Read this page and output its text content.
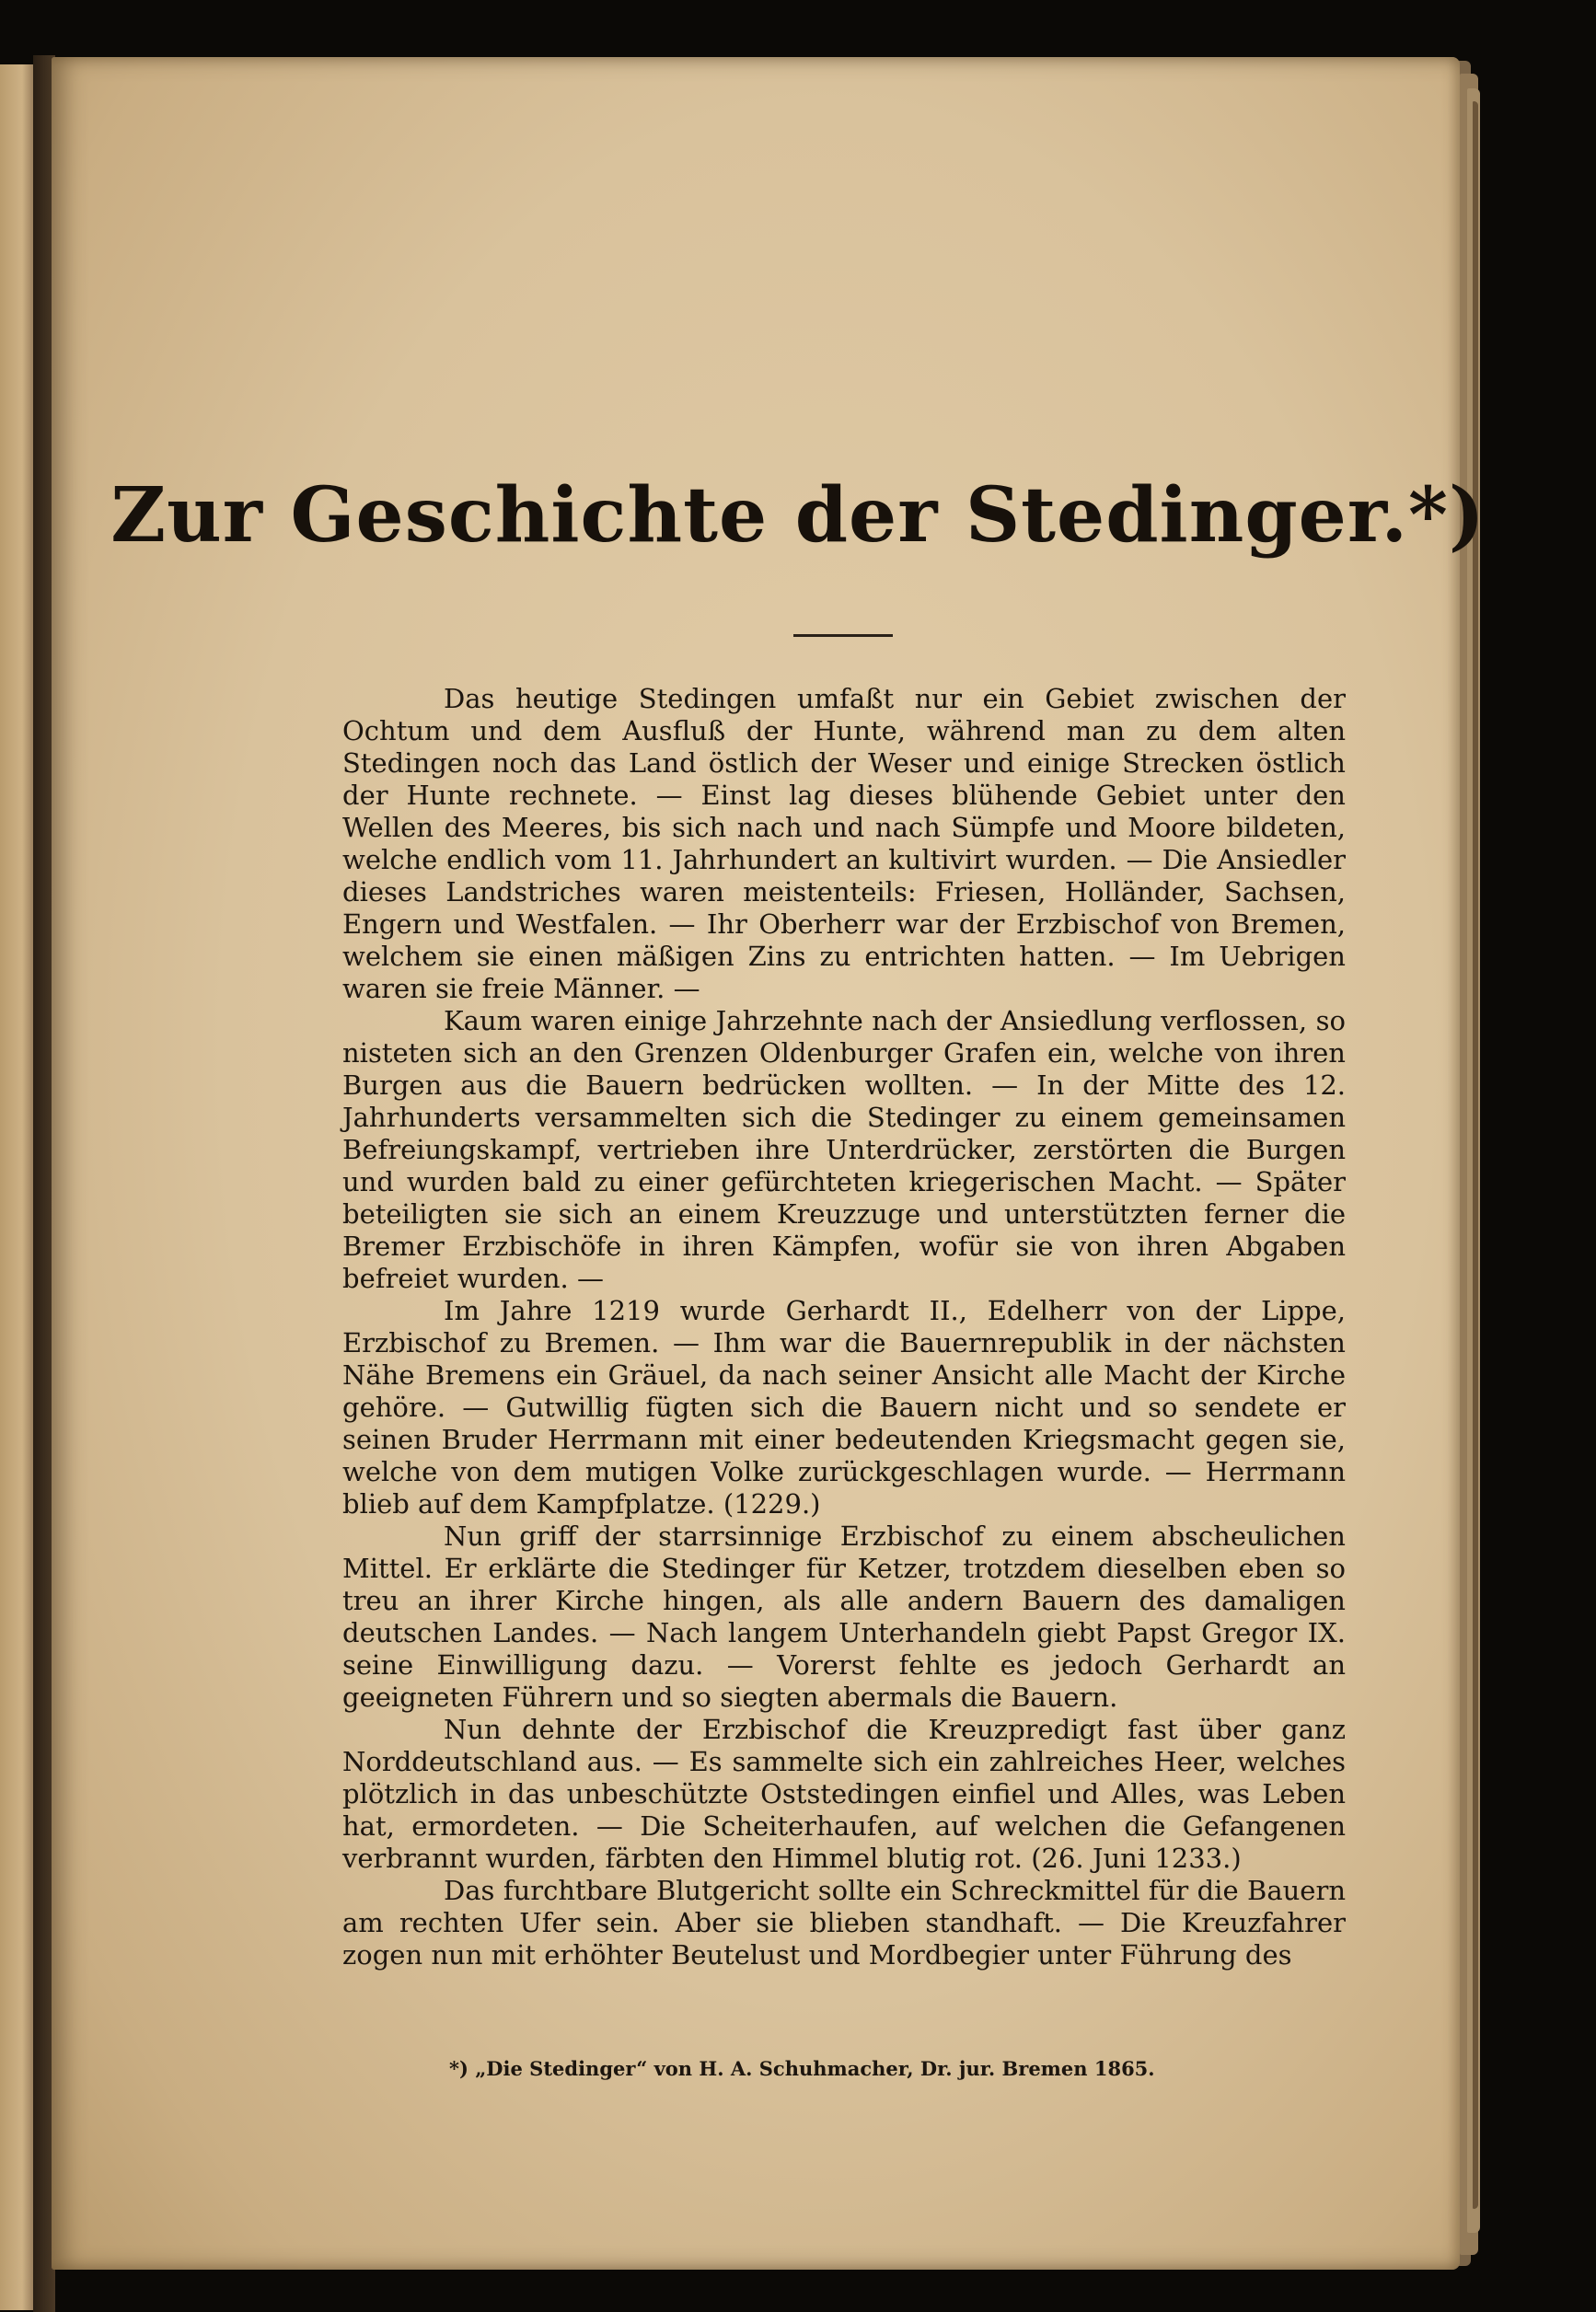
Zur Geschichte der Stedinger.*)

Das heutige Stedingen umfaßt nur ein Gebiet zwischen der Ochtum und dem Ausfluß der Hunte, während man zu dem alten Stedingen noch das Land östlich der Weser und einige Strecken östlich der Hunte rechnete. — Einst lag dieses blühende Gebiet unter den Wellen des Meeres, bis sich nach und nach Sümpfe und Moore bildeten, welche endlich vom 11. Jahrhundert an kultivirt wurden. — Die Ansiedler dieses Landstriches waren meistenteils: Friesen, Holländer, Sachsen, Engern und Westfalen. — Ihr Oberherr war der Erzbischof von Bremen, welchem sie einen mäßigen Zins zu entrichten hatten. — Im Uebrigen waren sie freie Männer. —

Kaum waren einige Jahrzehnte nach der Ansiedlung verflossen, so nisteten sich an den Grenzen Oldenburger Grafen ein, welche von ihren Burgen aus die Bauern bedrücken wollten. — In der Mitte des 12. Jahrhunderts versammelten sich die Stedinger zu einem gemeinsamen Befreiungskampf, vertrieben ihre Unterdrücker, zerstörten die Burgen und wurden bald zu einer gefürchteten kriegerischen Macht. — Später beteiligten sie sich an einem Kreuzzuge und unterstützten ferner die Bremer Erzbischöfe in ihren Kämpfen, wofür sie von ihren Abgaben befreiet wurden. —

Im Jahre 1219 wurde Gerhardt II., Edelherr von der Lippe, Erzbischof zu Bremen. — Ihm war die Bauernrepublik in der nächsten Nähe Bremens ein Gräuel, da nach seiner Ansicht alle Macht der Kirche gehöre. — Gutwillig fügten sich die Bauern nicht und so sendete er seinen Bruder Herrmann mit einer bedeutenden Kriegsmacht gegen sie, welche von dem mutigen Volke zurückgeschlagen wurde. — Herrmann blieb auf dem Kampfplatze. (1229.)

Nun griff der starrsinnige Erzbischof zu einem abscheulichen Mittel. Er erklärte die Stedinger für Ketzer, trotzdem dieselben eben so treu an ihrer Kirche hingen, als alle andern Bauern des damaligen deutschen Landes. — Nach langem Unterhandeln giebt Papst Gregor IX. seine Einwilligung dazu. — Vorerst fehlte es jedoch Gerhardt an geeigneten Führern und so siegten abermals die Bauern.

Nun dehnte der Erzbischof die Kreuzpredigt fast über ganz Norddeutschland aus. — Es sammelte sich ein zahlreiches Heer, welches plötzlich in das unbeschützte Oststedingen einfiel und Alles, was Leben hat, ermordeten. — Die Scheiterhaufen, auf welchen die Gefangenen verbrannt wurden, färbten den Himmel blutig rot. (26. Juni 1233.)

Das furchtbare Blutgericht sollte ein Schreckmittel für die Bauern am rechten Ufer sein. Aber sie blieben standhaft. — Die Kreuzfahrer zogen nun mit erhöhter Beutelust und Mordbegier unter Führung des

*) „Die Stedinger“ von H. A. Schuhmacher, Dr. jur. Bremen 1865.
